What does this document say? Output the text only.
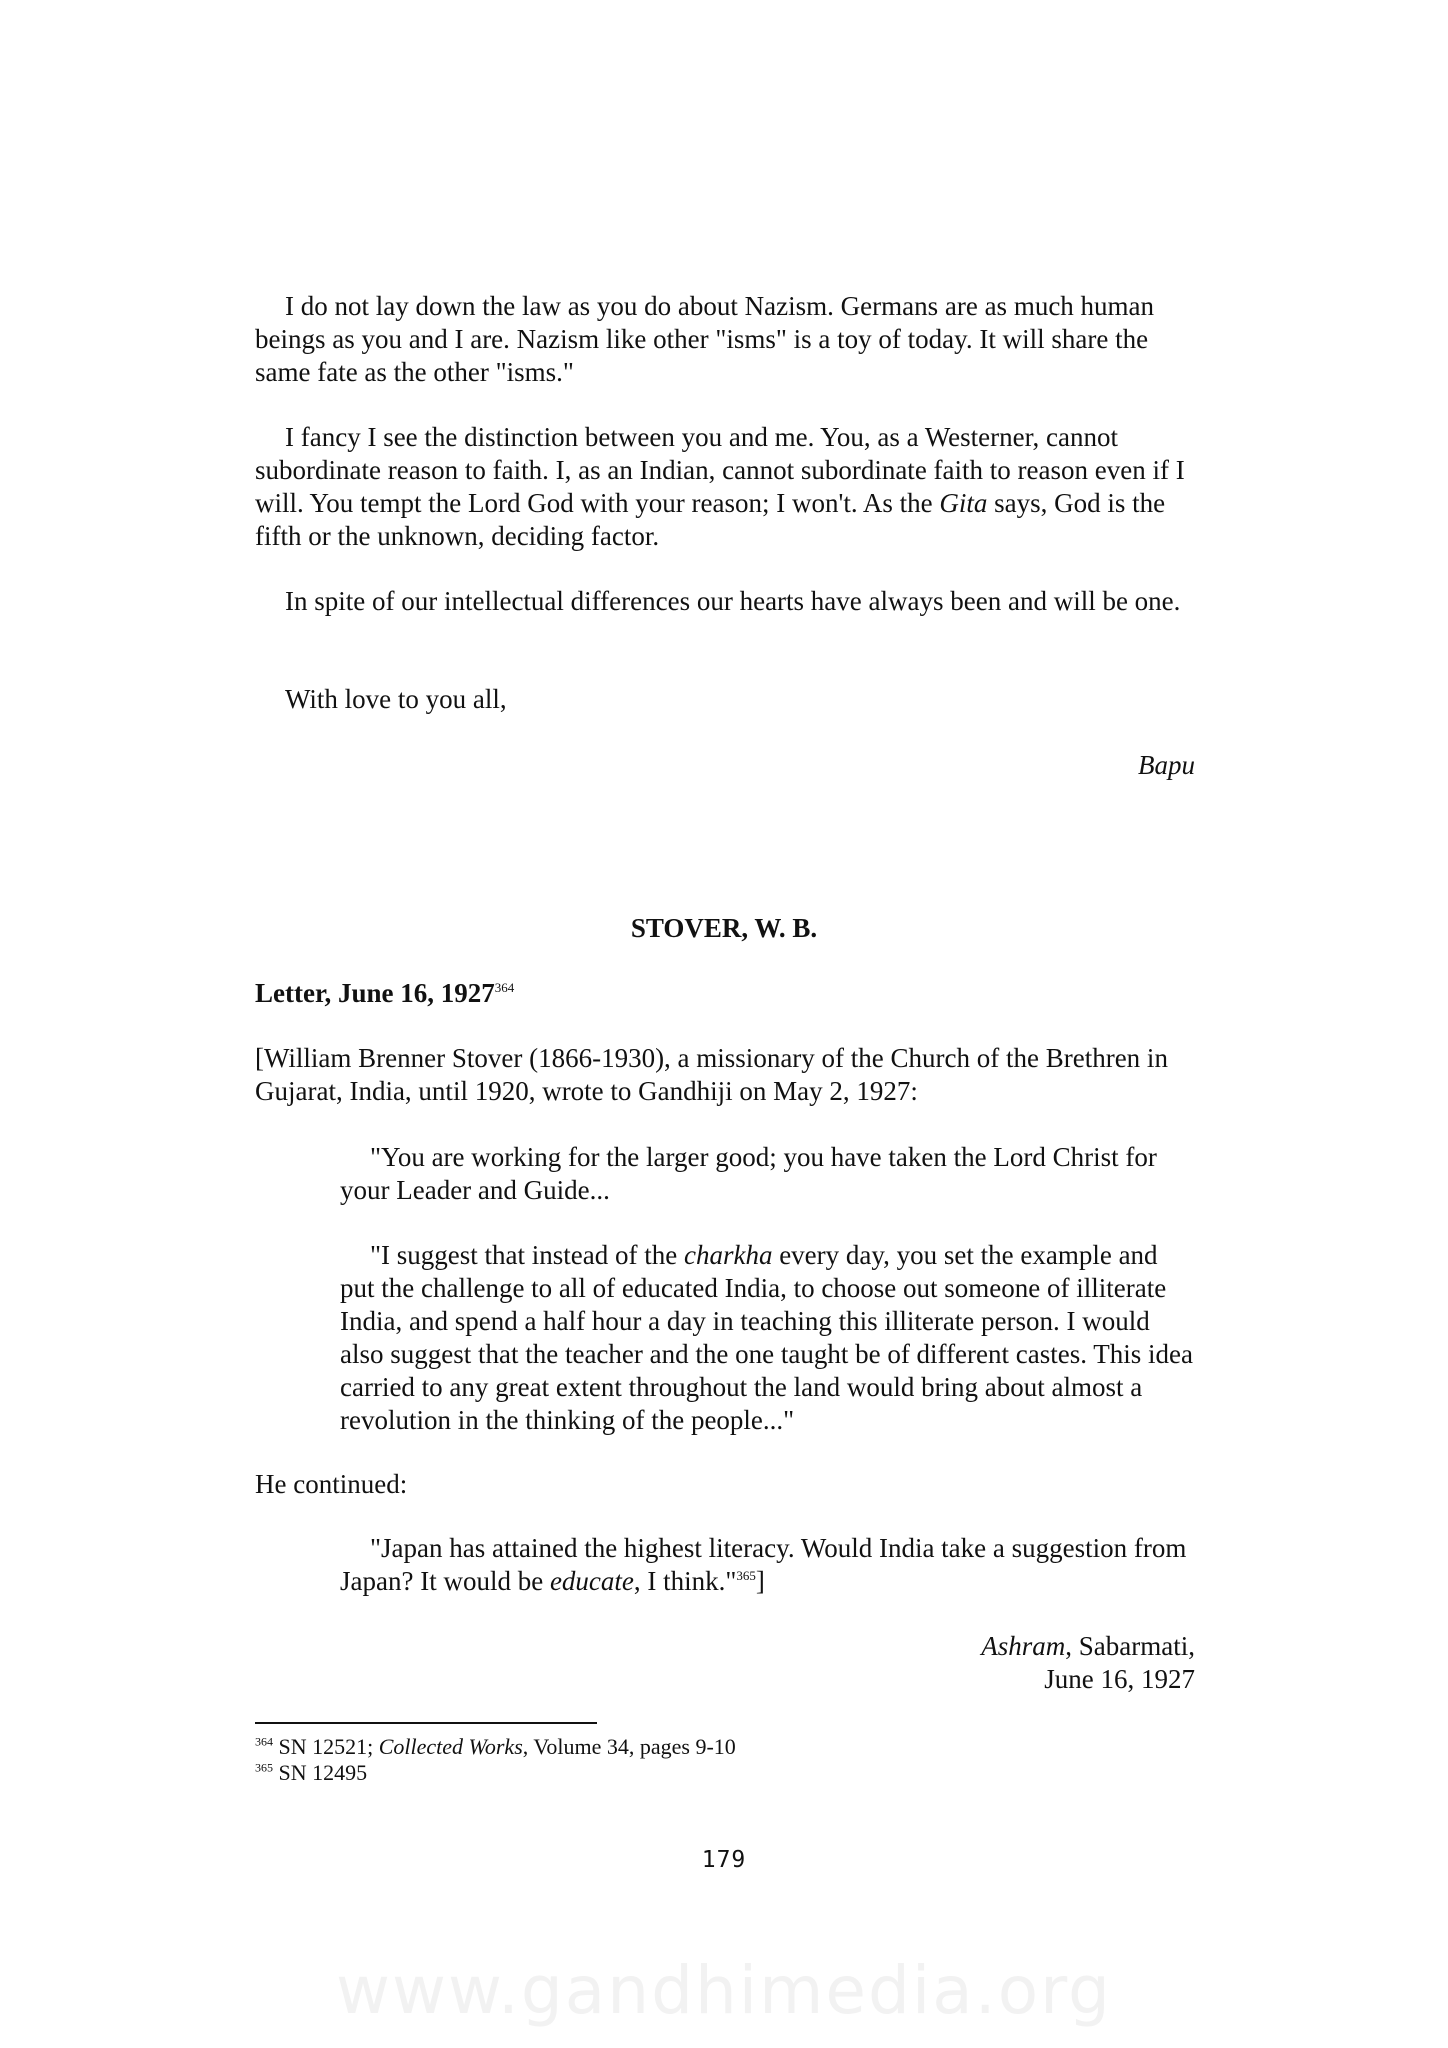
I do not lay down the law as you do about Nazism. Germans are as much human beings as you and I are. Nazism like other "isms" is a toy of today. It will share the same fate as the other "isms."

I fancy I see the distinction between you and me. You, as a Westerner, cannot subordinate reason to faith. I, as an Indian, cannot subordinate faith to reason even if I will. You tempt the Lord God with your reason; I won't. As the Gita says, God is the fifth or the unknown, deciding factor.

In spite of our intellectual differences our hearts have always been and will be one.

With love to you all,

Bapu

STOVER, W. B.

Letter, June 16, 1927$^{364}$

[William Brenner Stover (1866-1930), a missionary of the Church of the Brethren in Gujarat, India, until 1920, wrote to Gandhiji on May 2, 1927:

"You are working for the larger good; you have taken the Lord Christ for your Leader and Guide...

"I suggest that instead of the charkha every day, you set the example and put the challenge to all of educated India, to choose out someone of illiterate India, and spend a half hour a day in teaching this illiterate person. I would also suggest that the teacher and the one taught be of different castes. This idea carried to any great extent throughout the land would bring about almost a revolution in the thinking of the people..."

He continued:

"Japan has attained the highest literacy. Would India take a suggestion from Japan? It would be educate, I think."$^{365}$]

Ashram, Sabarmati,

June 16, 1927

$^{364}$ SN 12521; Collected Works, Volume 34, pages 9-10

$^{365}$ SN 12495

179

www.gandhimedia.org
